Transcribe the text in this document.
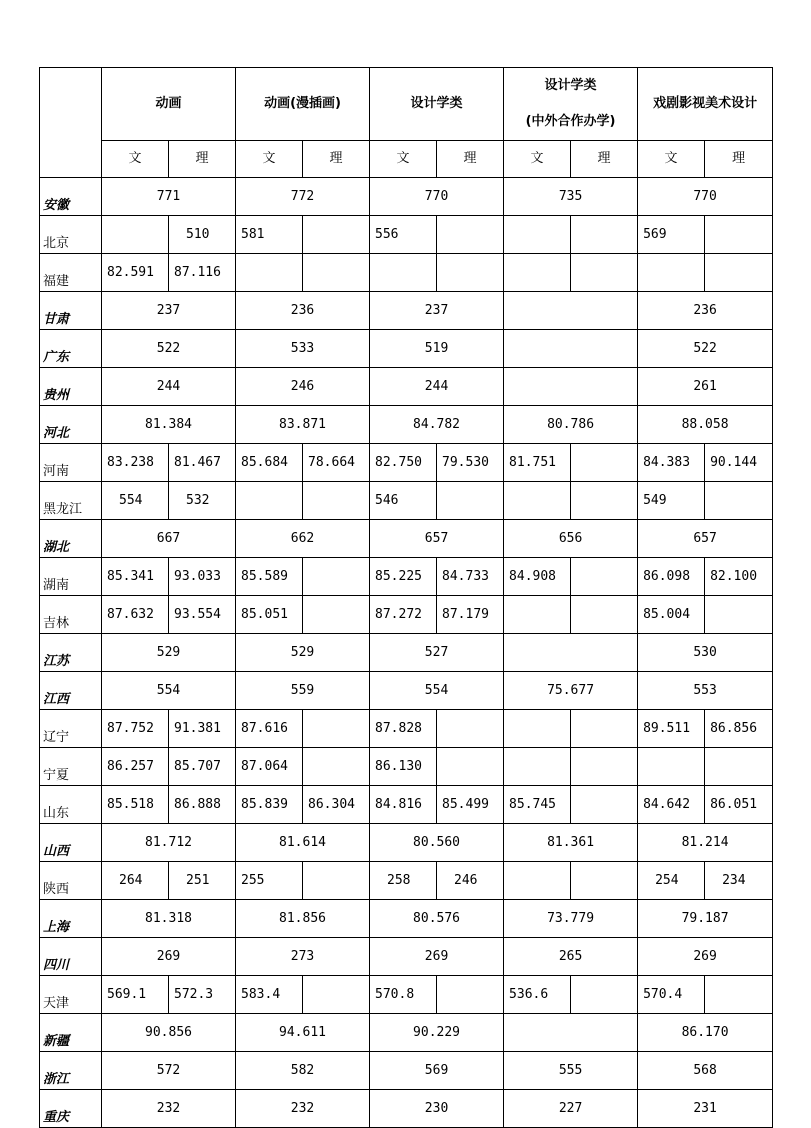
	动画		动画(漫插画)		设计学类		设计学类
(中外合作办学)		戏剧影视美术设计	
	文	理	文	理	文	理	文	理	文	理
安徽	771		772		770		735		770	
北京		510	581		556				569	
福建	82.591	87.116								
甘肃	237		236		237				236	
广东	522		533		519				522	
贵州	244		246		244				261	
河北	81.384		83.871		84.782		80.786		88.058	
河南	83.238	81.467	85.684	78.664	82.750	79.530	81.751		84.383	90.144
黑龙江	554	532			546				549	
湖北	667		662		657		656		657	
湖南	85.341	93.033	85.589		85.225	84.733	84.908		86.098	82.100
吉林	87.632	93.554	85.051		87.272	87.179			85.004	
江苏	529		529		527				530	
江西	554		559		554		75.677		553	
辽宁	87.752	91.381	87.616		87.828				89.511	86.856
宁夏	86.257	85.707	87.064		86.130					
山东	85.518	86.888	85.839	86.304	84.816	85.499	85.745		84.642	86.051
山西	81.712		81.614		80.560		81.361		81.214	
陕西	264	251	255		258	246			254	234
上海	81.318		81.856		80.576		73.779		79.187	
四川	269		273		269		265		269	
天津	569.1	572.3	583.4		570.8		536.6		570.4	
新疆	90.856		94.611		90.229				86.170	
浙江	572		582		569		555		568	
重庆	232		232		230		227		231	
